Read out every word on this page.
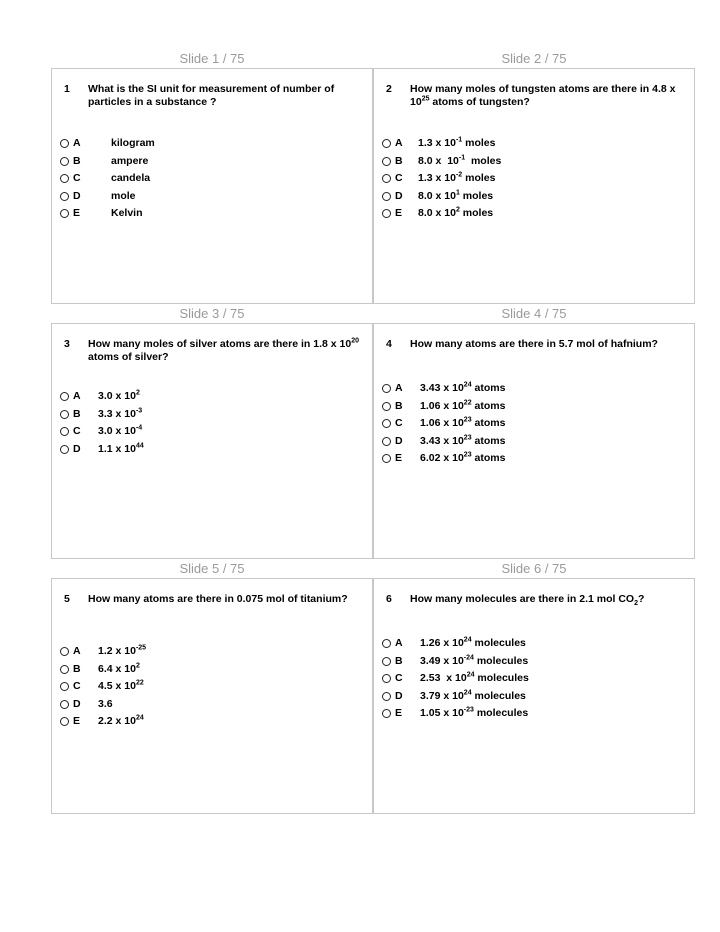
Slide 1 / 75
1	What is the SI unit for measurement of number of particles in a substance ?
A	kilogram
B	ampere
C	candela
D	mole
E	Kelvin
Slide 2 / 75
2	How many moles of tungsten atoms are there in 4.8 x $10^{25}$ atoms of tungsten?
A 1.3 x $10^{-1}$ moles
B 8.0 x  $10^{-1}$  moles
C 1.3 x $10^{-2}$ moles
D 8.0 x $10^1$ moles
E 8.0 x $10^2$ moles
Slide 3 / 75
3	How many moles of silver atoms are there in 1.8 x $10^{20}$ atoms of silver?
A 3.0 x $10^2$
B 3.3 x $10^{-3}$
C 3.0 x $10^{-4}$
D 1.1 x $10^{44}$
Slide 4 / 75
4	How many atoms are there in 5.7 mol of hafnium?
A 3.43 x $10^{24}$ atoms
B 1.06 x $10^{22}$ atoms
C 1.06 x $10^{23}$ atoms
D 3.43 x $10^{23}$ atoms
E 6.02 x $10^{23}$ atoms
Slide 5 / 75
5	How many atoms are there in 0.075 mol of titanium?
A 1.2 x $10^{-25}$
B 6.4 x $10^2$
C 4.5 x $10^{22}$
D 3.6
E 2.2 x $10^{24}$
Slide 6 / 75
6	How many molecules are there in 2.1 mol $CO_2$?
A 1.26 x $10^{24}$ molecules
B 3.49 x $10^{-24}$ molecules
C 2.53  x $10^{24}$ molecules
D 3.79 x $10^{24}$ molecules
E 1.05 x $10^{-23}$ molecules
